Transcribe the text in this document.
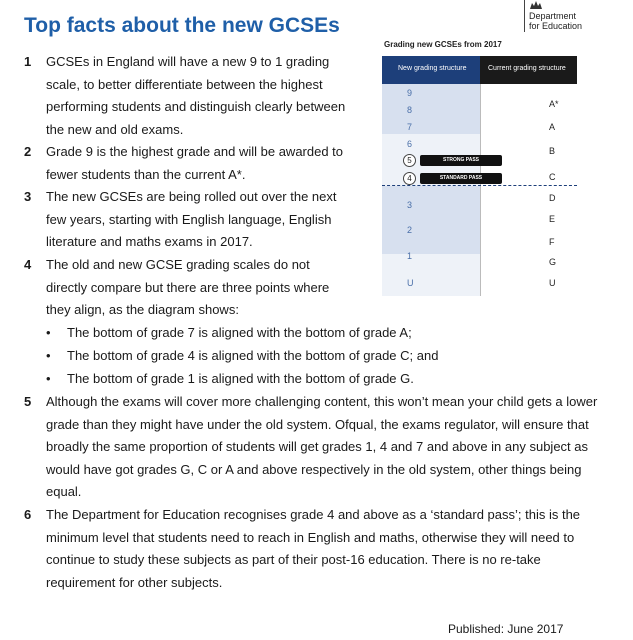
Top facts about the new GCSEs	Department
for Education
1 GCSEs in England will have a new 9 to 1 grading
scale, to better differentiate between the highest
performing students and distinguish clearly between
the new and old exams.
2 Grade 9 is the highest grade and will be awarded to
fewer students than the current A*.
3 The new GCSEs are being rolled out over the next
few years, starting with English language, English
literature and maths exams in 2017.
4 The old and new GCSE grading scales do not
directly compare but there are three points where
they align, as the diagram shows:
• The bottom of grade 7 is aligned with the bottom of grade A;
• The bottom of grade 4 is aligned with the bottom of grade C; and
• The bottom of grade 1 is aligned with the bottom of grade G.
5 Although the exams will cover more challenging content, this won’t mean your child gets a lower
grade than they might have under the old system. Ofqual, the exams regulator, will ensure that
broadly the same proportion of students will get grades 1, 4 and 7 and above in any subject as
would have got grades G, C or A and above respectively in the old system, other things being
equal.
6 The Department for Education recognises grade 4 and above as a ‘standard pass’; this is the
minimum level that students need to reach in English and maths, otherwise they will need to
continue to study these subjects as part of their post-16 education. There is no re-take
requirement for other subjects.
Grading new GCSEs from 2017
New grading structure	Current grading structure
9
8
7
6
5
4
3
2
1
U
STRONG PASS
STANDARD PASS
A*
A
B
C
D
E
F
G
U
Published: June 2017
